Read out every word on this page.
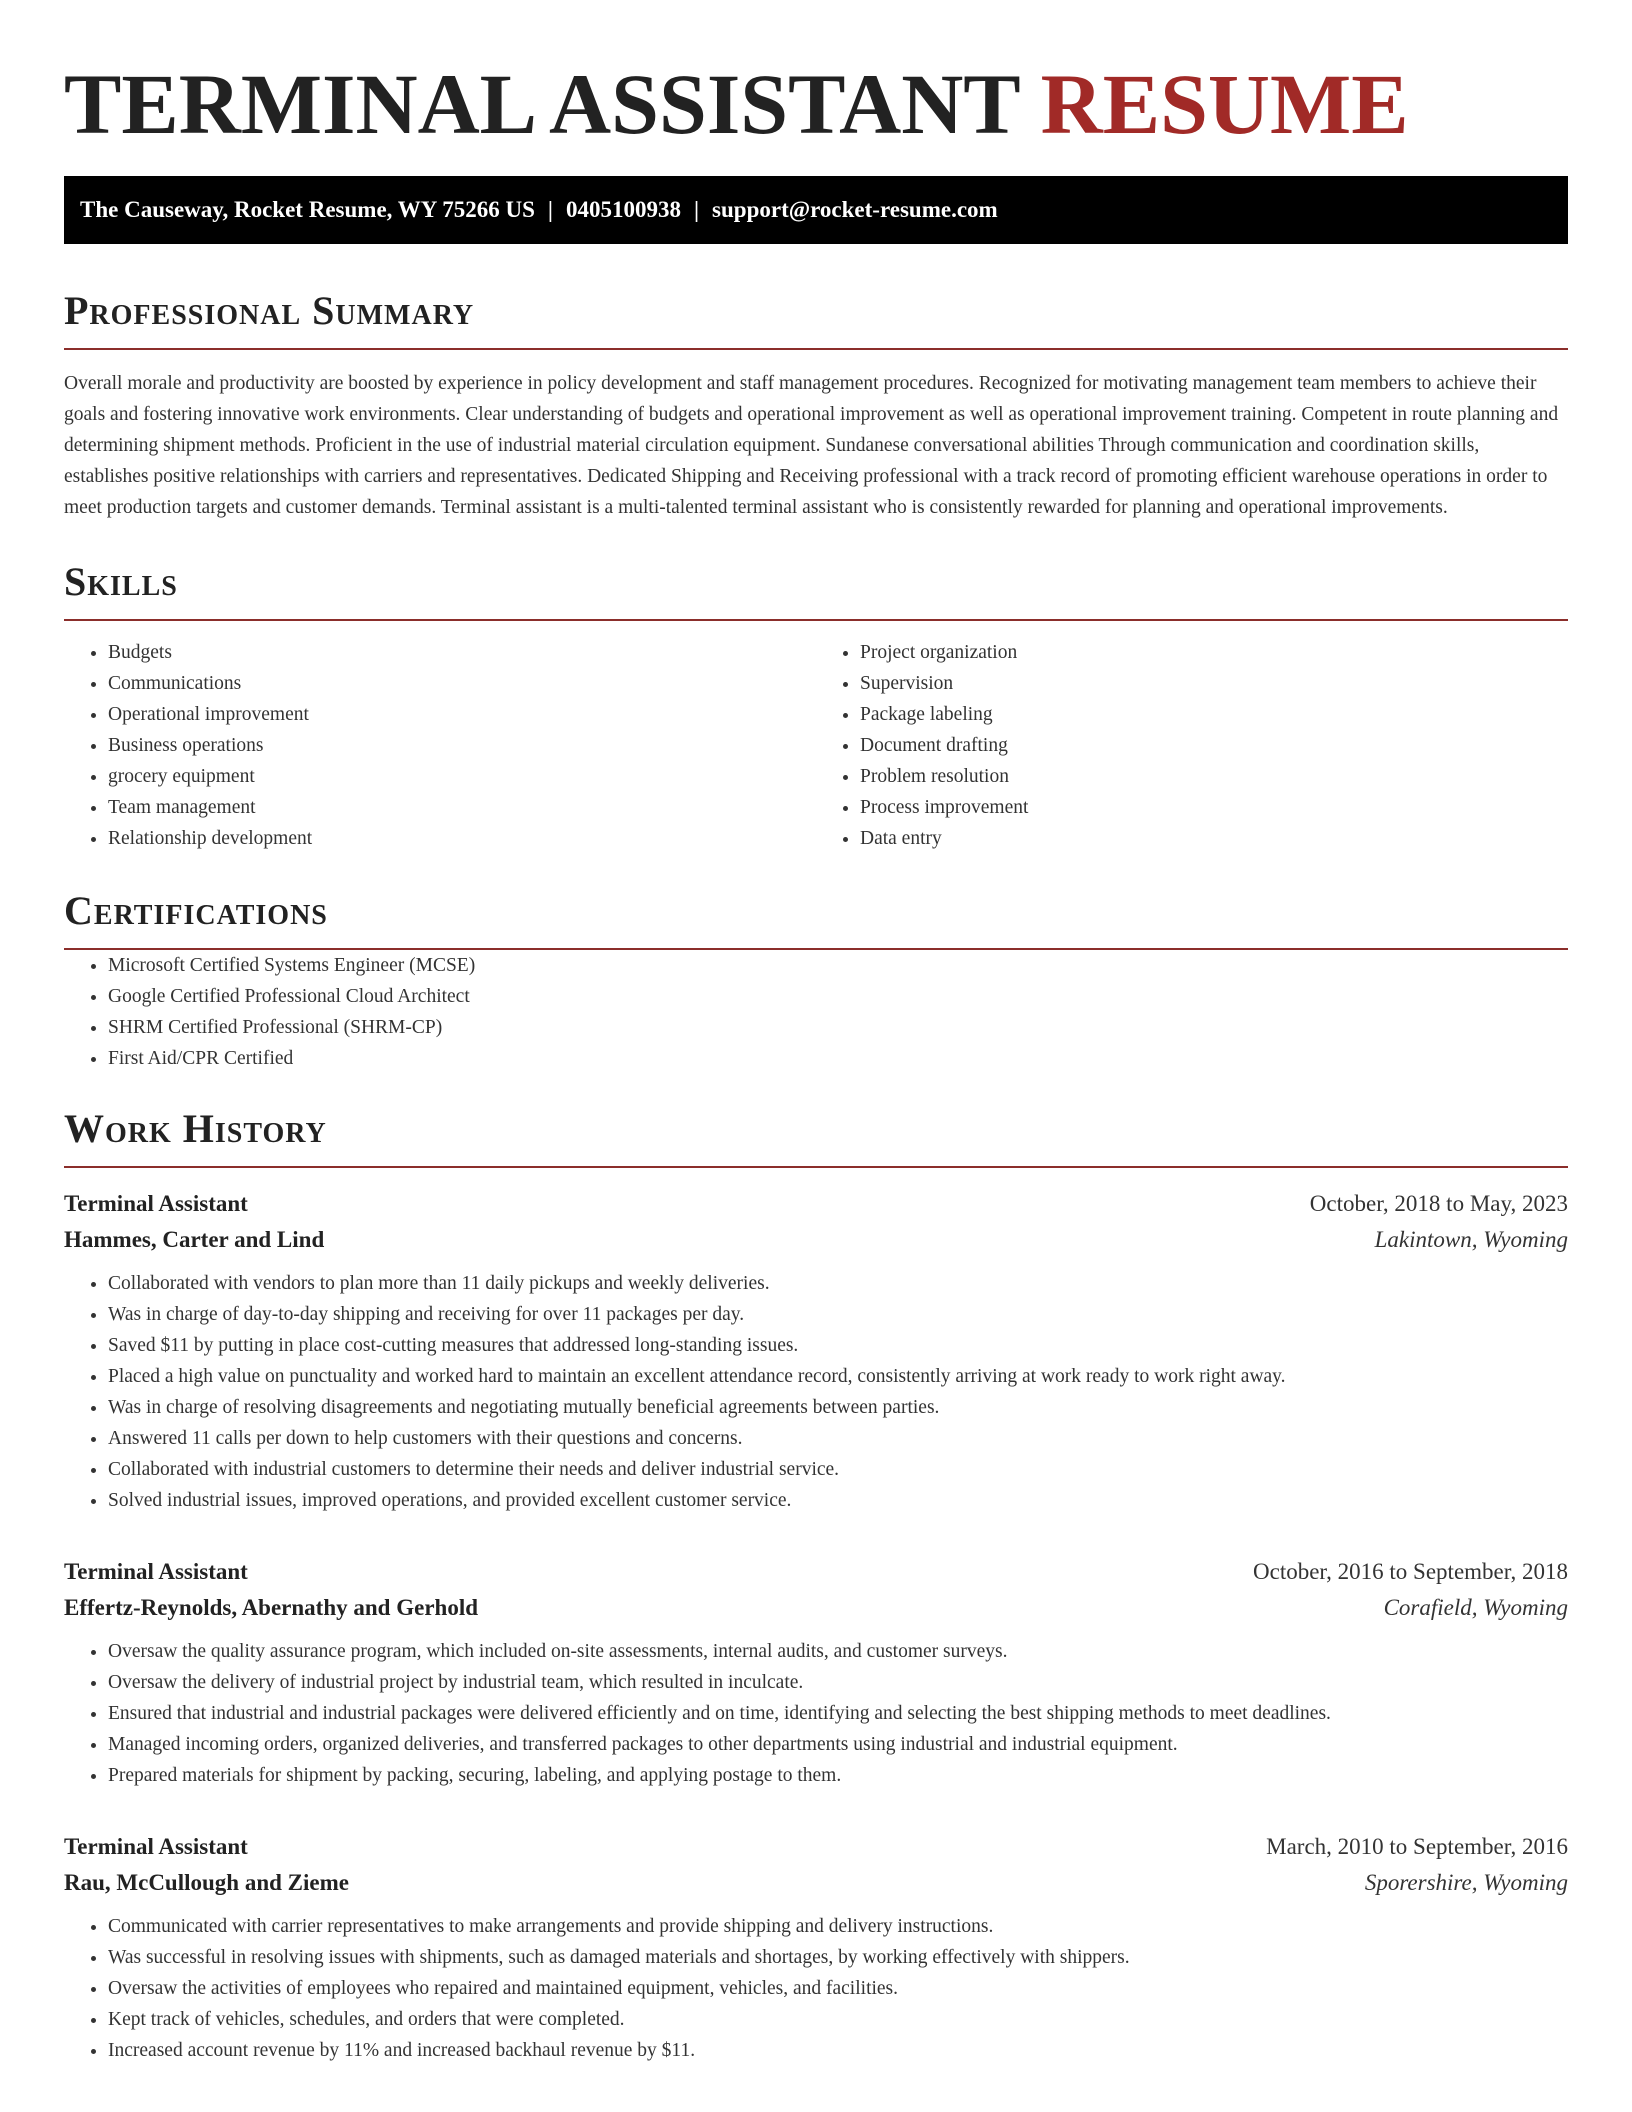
TERMINAL ASSISTANT RESUME
The Causeway, Rocket Resume, WY 75266 US | 0405100938 | support@rocket-resume.com
Professional Summary

Overall morale and productivity are boosted by experience in policy development and staff management procedures. Recognized for motivating management team members to achieve their goals and fostering innovative work environments. Clear understanding of budgets and operational improvement as well as operational improvement training. Competent in route planning and determining shipment methods. Proficient in the use of industrial material circulation equipment. Sundanese conversational abilities Through communication and coordination skills, establishes positive relationships with carriers and representatives. Dedicated Shipping and Receiving professional with a track record of promoting efficient warehouse operations in order to meet production targets and customer demands. Terminal assistant is a multi-talented terminal assistant who is consistently rewarded for planning and operational improvements.

Skills
• Budgets
• Communications
• Operational improvement
• Business operations
• grocery equipment
• Team management
• Relationship development
• Project organization
• Supervision
• Package labeling
• Document drafting
• Problem resolution
• Process improvement
• Data entry
Certifications
• Microsoft Certified Systems Engineer (MCSE)
• Google Certified Professional Cloud Architect
• SHRM Certified Professional (SHRM-CP)
• First Aid/CPR Certified
Work History
Terminal Assistant	October, 2018 to May, 2023
Hammes, Carter and Lind	Lakintown, Wyoming
• Collaborated with vendors to plan more than 11 daily pickups and weekly deliveries.
• Was in charge of day-to-day shipping and receiving for over 11 packages per day.
• Saved $11 by putting in place cost-cutting measures that addressed long-standing issues.
• Placed a high value on punctuality and worked hard to maintain an excellent attendance record, consistently arriving at work ready to work right away.
• Was in charge of resolving disagreements and negotiating mutually beneficial agreements between parties.
• Answered 11 calls per down to help customers with their questions and concerns.
• Collaborated with industrial customers to determine their needs and deliver industrial service.
• Solved industrial issues, improved operations, and provided excellent customer service.
Terminal Assistant	October, 2016 to September, 2018
Effertz-Reynolds, Abernathy and Gerhold	Corafield, Wyoming
• Oversaw the quality assurance program, which included on-site assessments, internal audits, and customer surveys.
• Oversaw the delivery of industrial project by industrial team, which resulted in inculcate.
• Ensured that industrial and industrial packages were delivered efficiently and on time, identifying and selecting the best shipping methods to meet deadlines.
• Managed incoming orders, organized deliveries, and transferred packages to other departments using industrial and industrial equipment.
• Prepared materials for shipment by packing, securing, labeling, and applying postage to them.
Terminal Assistant	March, 2010 to September, 2016
Rau, McCullough and Zieme	Sporershire, Wyoming
• Communicated with carrier representatives to make arrangements and provide shipping and delivery instructions.
• Was successful in resolving issues with shipments, such as damaged materials and shortages, by working effectively with shippers.
• Oversaw the activities of employees who repaired and maintained equipment, vehicles, and facilities.
• Kept track of vehicles, schedules, and orders that were completed.
• Increased account revenue by 11% and increased backhaul revenue by $11.
